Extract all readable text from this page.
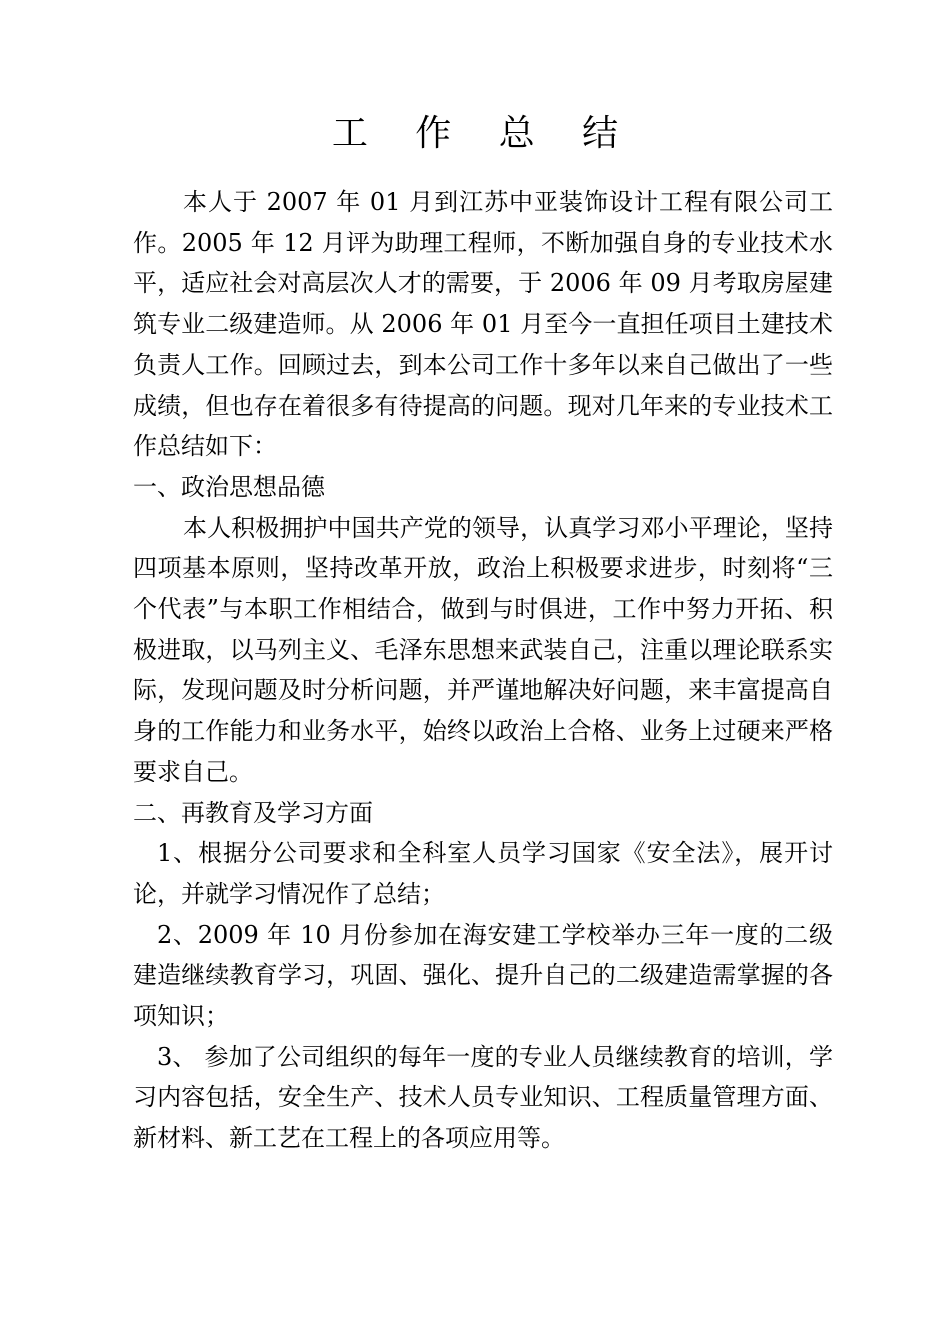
工 作 总 结

本人于 2007 年 01 月到江苏中亚装饰设计工程有限公司工作。2005 年 12 月评为助理工程师，不断加强自身的专业技术水平，适应社会对高层次人才的需要，于 2006 年 09 月考取房屋建筑专业二级建造师。从 2006 年 01 月至今一直担任项目土建技术负责人工作。回顾过去，到本公司工作十多年以来自己做出了一些成绩，但也存在着很多有待提高的问题。现对几年来的专业技术工作总结如下：

一、政治思想品德

本人积极拥护中国共产党的领导，认真学习邓小平理论，坚持四项基本原则，坚持改革开放，政治上积极要求进步，时刻将“三个代表”与本职工作相结合，做到与时俱进，工作中努力开拓、积极进取，以马列主义、毛泽东思想来武装自己，注重以理论联系实际，发现问题及时分析问题，并严谨地解决好问题，来丰富提高自身的工作能力和业务水平，始终以政治上合格、业务上过硬来严格要求自己。

二、再教育及学习方面

1、根据分公司要求和全科室人员学习国家《安全法》，展开讨论，并就学习情况作了总结；

2、2009 年 10 月份参加在海安建工学校举办三年一度的二级建造继续教育学习，巩固、强化、提升自己的二级建造需掌握的各项知识；

3、 参加了公司组织的每年一度的专业人员继续教育的培训，学习内容包括，安全生产、技术人员专业知识、工程质量管理方面、新材料、新工艺在工程上的各项应用等。
